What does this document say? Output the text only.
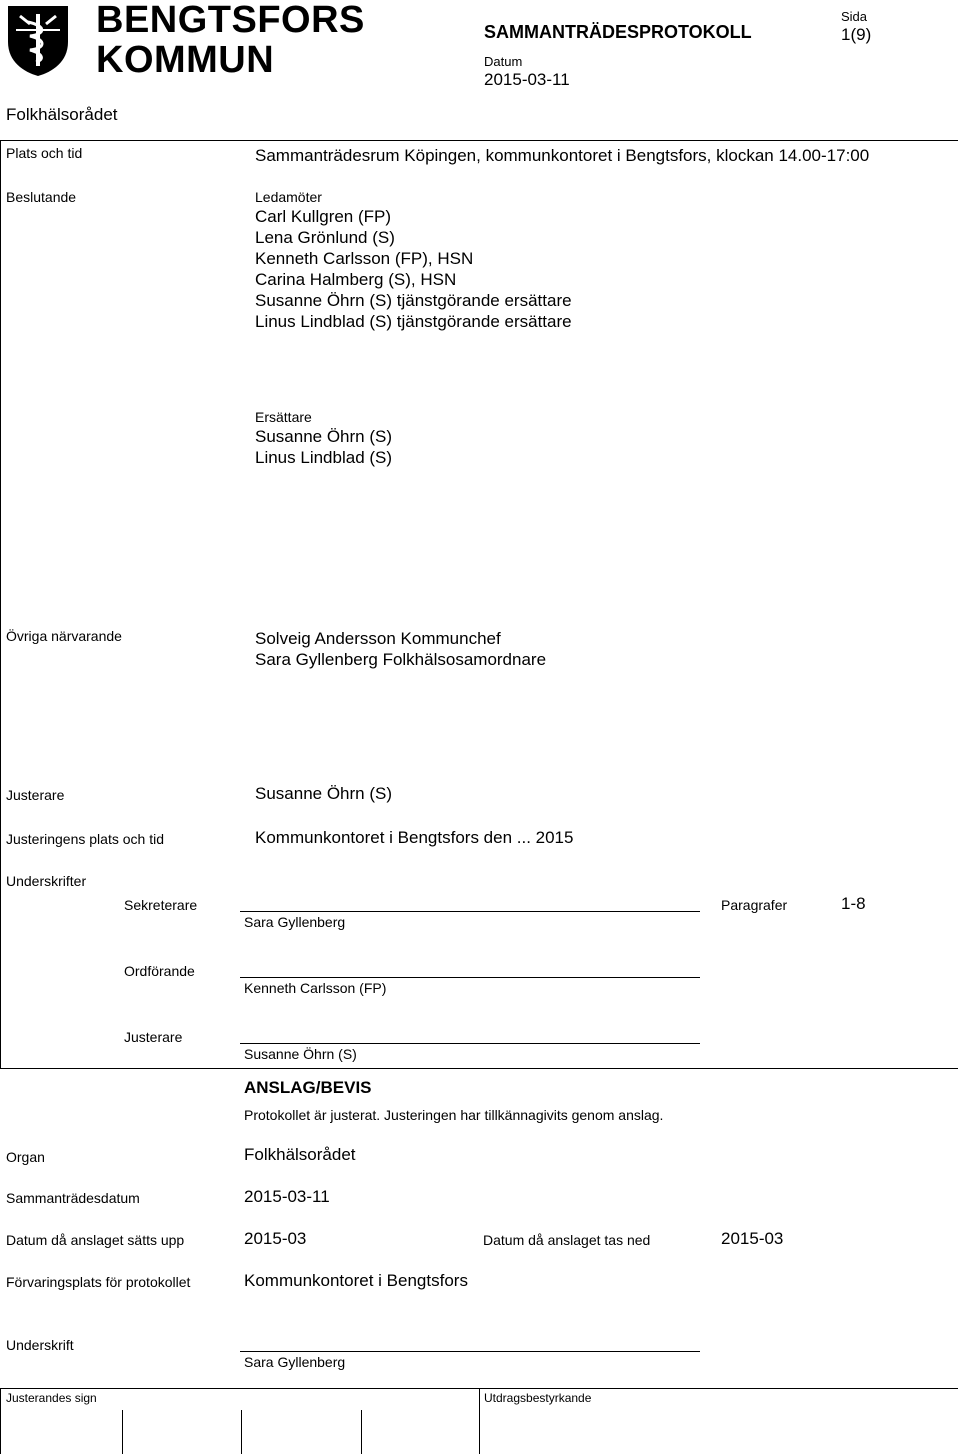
BENGTSFORS
KOMMUN
SAMMANTRÄDESPROTOKOLL
Datum
2015-03-11
Sida
1(9)
Folkhälsorådet
Plats och tid	Sammanträdesrum Köpingen, kommunkontoret i Bengtsfors, klockan 14.00-17:00
Beslutande	Ledamöter
Carl Kullgren (FP)
Lena Grönlund (S)
Kenneth Carlsson (FP), HSN
Carina Halmberg (S), HSN
Susanne Öhrn (S) tjänstgörande ersättare
Linus Lindblad (S) tjänstgörande ersättare
Ersättare
Susanne Öhrn (S)
Linus Lindblad (S)
Övriga närvarande	Solveig Andersson Kommunchef
Sara Gyllenberg Folkhälsosamordnare
Justerare	Susanne Öhrn (S)
Justeringens plats och tid	Kommunkontoret i Bengtsfors den ... 2015
Underskrifter
Sekreterare
Sara Gyllenberg
Paragrafer	1-8
Ordförande
Kenneth Carlsson (FP)
Justerare
Susanne Öhrn (S)
ANSLAG/BEVIS
Protokollet är justerat. Justeringen har tillkännagivits genom anslag.
Organ	Folkhälsorådet
Sammanträdesdatum	2015-03-11
Datum då anslaget sätts upp	2015-03	Datum då anslaget tas ned	2015-03
Förvaringsplats för protokollet	Kommunkontoret i Bengtsfors
Underskrift
Sara Gyllenberg
Justerandes sign	Utdragsbestyrkande
